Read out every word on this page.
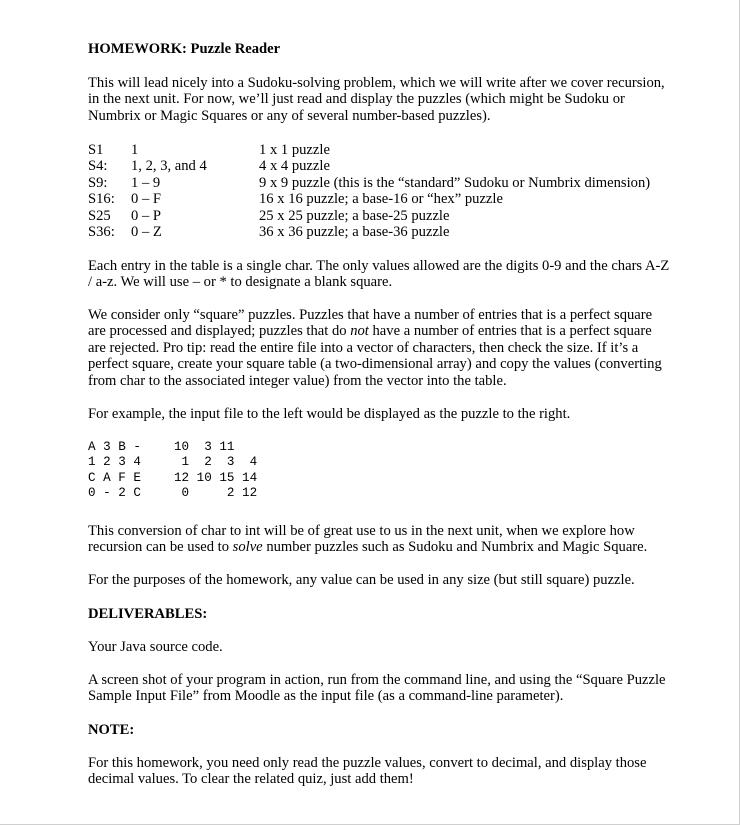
HOMEWORK: Puzzle Reader

This will lead nicely into a Sudoku-solving problem, which we will write after we cover recursion, in the next unit. For now, we’ll just read and display the puzzles (which might be Sudoku or Numbrix or Magic Squares or any of several number-based puzzles).

S1 1	1 x 1 puzzle
S4: 1, 2, 3, and 4	4 x 4 puzzle
S9: 1 – 9	9 x 9 puzzle (this is the “standard” Sudoku or Numbrix dimension)
S16: 0 – F	16 x 16 puzzle; a base-16 or “hex” puzzle
S25 0 – P	25 x 25 puzzle; a base-25 puzzle
S36: 0 – Z	36 x 36 puzzle; a base-36 puzzle

Each entry in the table is a single char. The only values allowed are the digits 0-9 and the chars A-Z / a-z. We will use – or * to designate a blank square.

We consider only “square” puzzles. Puzzles that have a number of entries that is a perfect square are processed and displayed; puzzles that do not have a number of entries that is a perfect square are rejected. Pro tip: read the entire file into a vector of characters, then check the size. If it’s a perfect square, create your square table (a two-dimensional array) and copy the values (converting from char to the associated integer value) from the vector into the table.

For example, the input file to the left would be displayed as the puzzle to the right.

A 3 B -
1 2 3 4
C A F E
0 - 2 C
10  3 11
1  2  3  4
12 10 15 14
0     2 12

This conversion of char to int will be of great use to us in the next unit, when we explore how recursion can be used to solve number puzzles such as Sudoku and Numbrix and Magic Square.

For the purposes of the homework, any value can be used in any size (but still square) puzzle.

DELIVERABLES:

Your Java source code.

A screen shot of your program in action, run from the command line, and using the “Square Puzzle Sample Input File” from Moodle as the input file (as a command-line parameter).

NOTE:

For this homework, you need only read the puzzle values, convert to decimal, and display those decimal values. To clear the related quiz, just add them!
